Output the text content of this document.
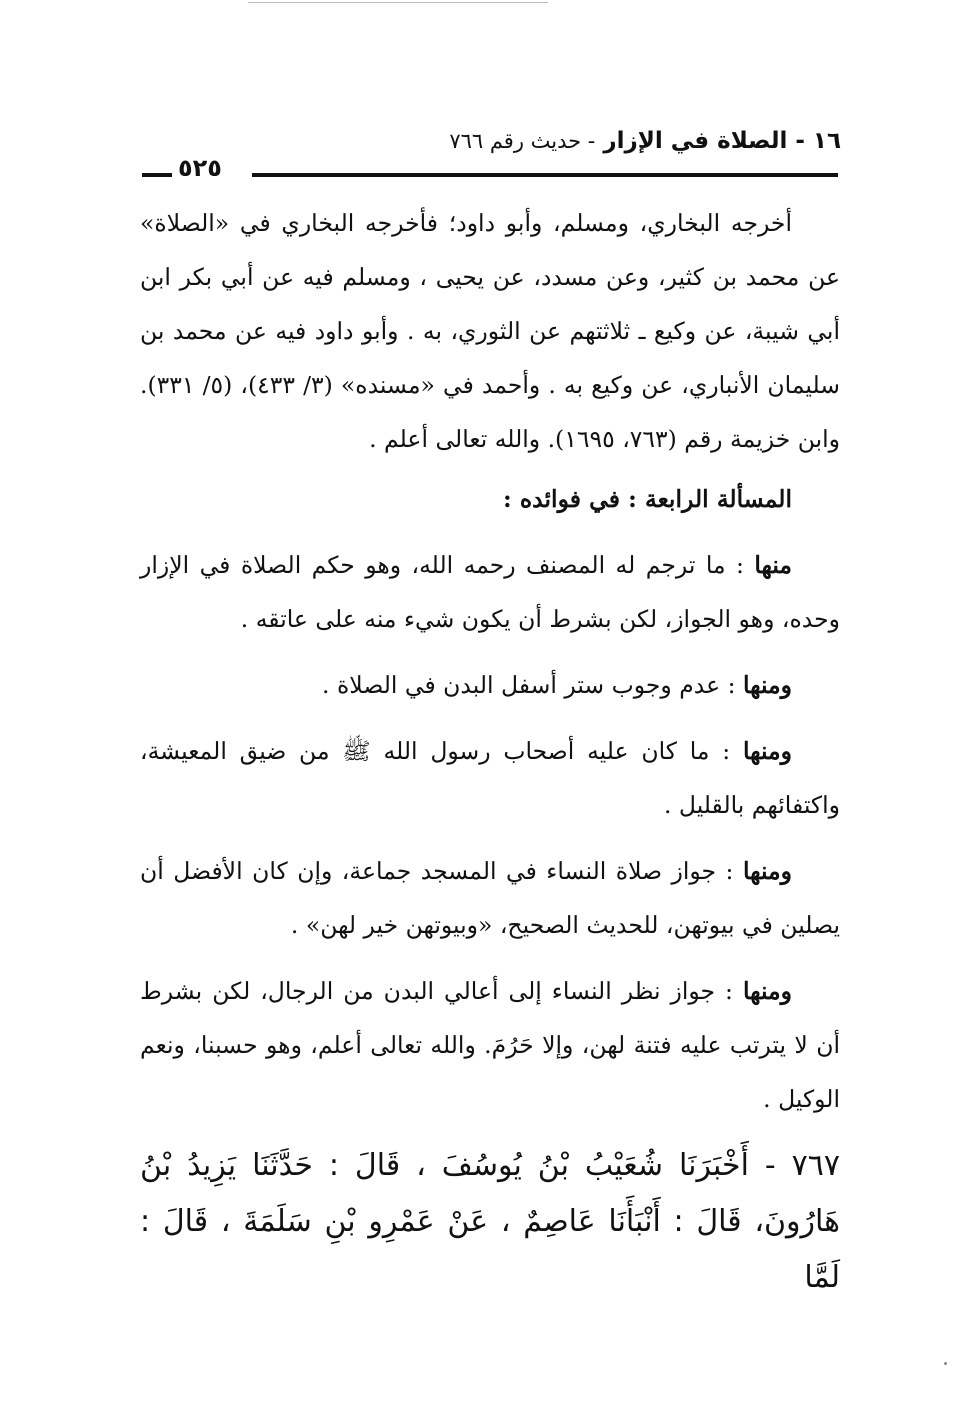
١٦ - الصلاة في الإزار - حديث رقم ٧٦٦
٥٢٥

أخرجه البخاري، ومسلم، وأبو داود؛ فأخرجه البخاري في «الصلاة» عن محمد بن كثير، وعن مسدد، عن يحيى ، ومسلم فيه عن أبي بكر ابن أبي شيبة، عن وكيع ـ ثلاثتهم عن الثوري، به . وأبو داود فيه عن محمد بن سليمان الأنباري، عن وكيع به . وأحمد في «مسنده» (٣/ ٤٣٣)، (٥/ ٣٣١). وابن خزيمة رقم (٧٦٣، ١٦٩٥). والله تعالى أعلم .

المسألة الرابعة : في فوائده :

منها : ما ترجم له المصنف رحمه الله، وهو حكم الصلاة في الإزار وحده، وهو الجواز، لكن بشرط أن يكون شيء منه على عاتقه .

ومنها : عدم وجوب ستر أسفل البدن في الصلاة .

ومنها : ما كان عليه أصحاب رسول الله ﷺ من ضيق المعيشة، واكتفائهم بالقليل .

ومنها : جواز صلاة النساء في المسجد جماعة، وإن كان الأفضل أن يصلين في بيوتهن، للحديث الصحيح، «وبيوتهن خير لهن» .

ومنها : جواز نظر النساء إلى أعالي البدن من الرجال، لكن بشرط أن لا يترتب عليه فتنة لهن، وإلا حَرُمَ. والله تعالى أعلم، وهو حسبنا، ونعم الوكيل .

٧٦٧ - أَخْبَرَنَا شُعَيْبُ بْنُ يُوسُفَ ، قَالَ : حَدَّثَنَا يَزِيدُ بْنُ هَارُونَ، قَالَ : أَنْبَأَنَا عَاصِمٌ ، عَنْ عَمْرِو بْنِ سَلَمَةَ ، قَالَ : لَمَّا
